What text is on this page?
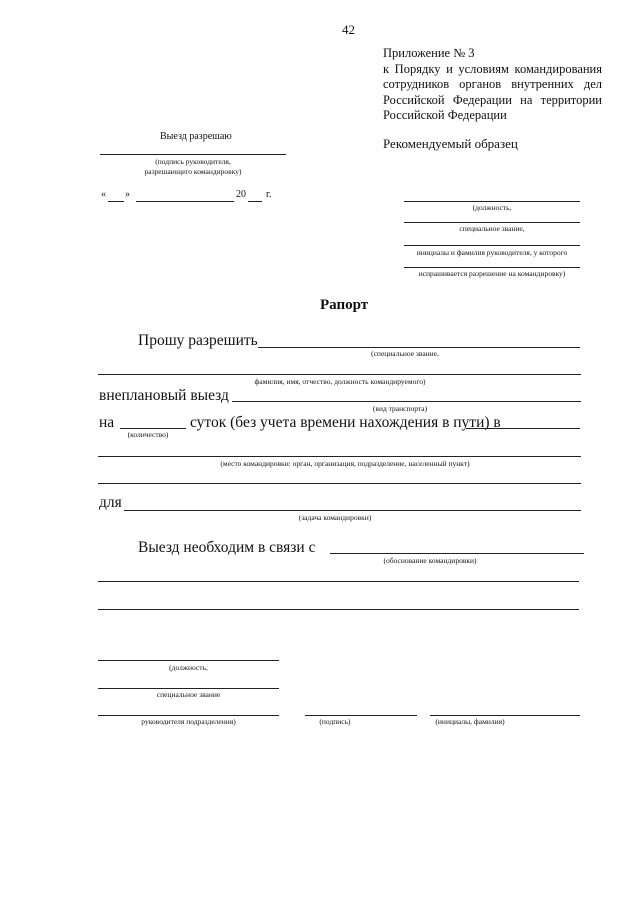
42
Приложение № 3
к Порядку и условиям командирования
сотрудников органов внутренних дел
Российской Федерации на территории
Российской Федерации
Выезд разрешаю
(подпись руководителя,
разрешающего командировку)
« »	20 г.
Рекомендуемый образец
(должность,
специальное звание,
инициалы и фамилия руководителя, у которого
испрашивается разрешение на командировку)
Рапорт
Прошу разрешить
(специальное звание,
фамилия, имя, отчество, должность командируемого)
внеплановый выезд
(вид транспорта)
на
(количество)
суток (без учета времени нахождения в пути) в
(место командировки: орган, организация, подразделение, населенный пункт)
для
(задача командировки)
Выезд необходим в связи с
(обоснование командировки)
(должность,
специальное звание
руководителя подразделения)	(подпись)	(инициалы, фамилия)
